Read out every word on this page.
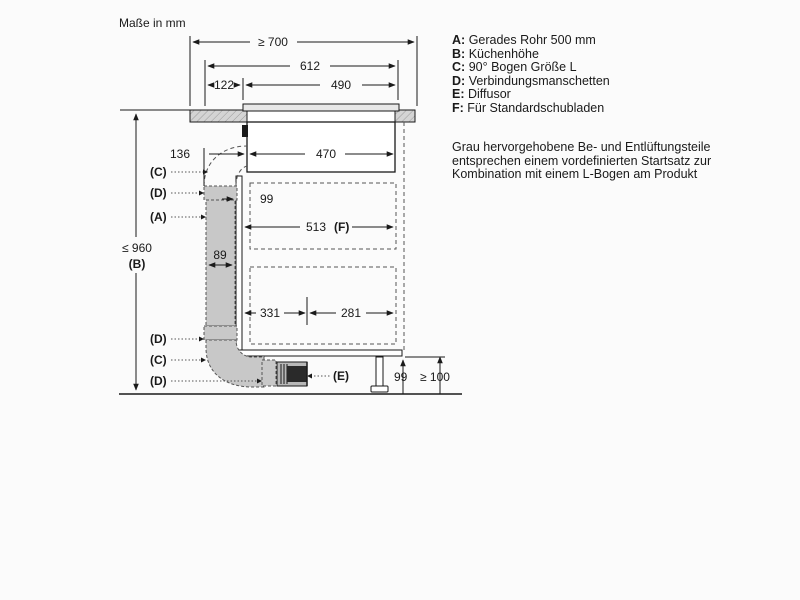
Maße in mm
≥ 700
612
122	490
136	470
99
513 (F)
89
331	281
≤ 960
(B)
99 ≥ 100
(C)
(D)
(A)
(D)
(C)
(D)	(E)
A: Gerades Rohr 500 mm
B: Küchenhöhe
C: 90° Bogen Größe L
D: Verbindungsmanschetten
E: Diffusor
F: Für Standardschubladen
Grau hervorgehobene Be- und Entlüftungsteile entsprechen einem vordefinierten Startsatz zur Kombination mit einem L-Bogen am Produkt
